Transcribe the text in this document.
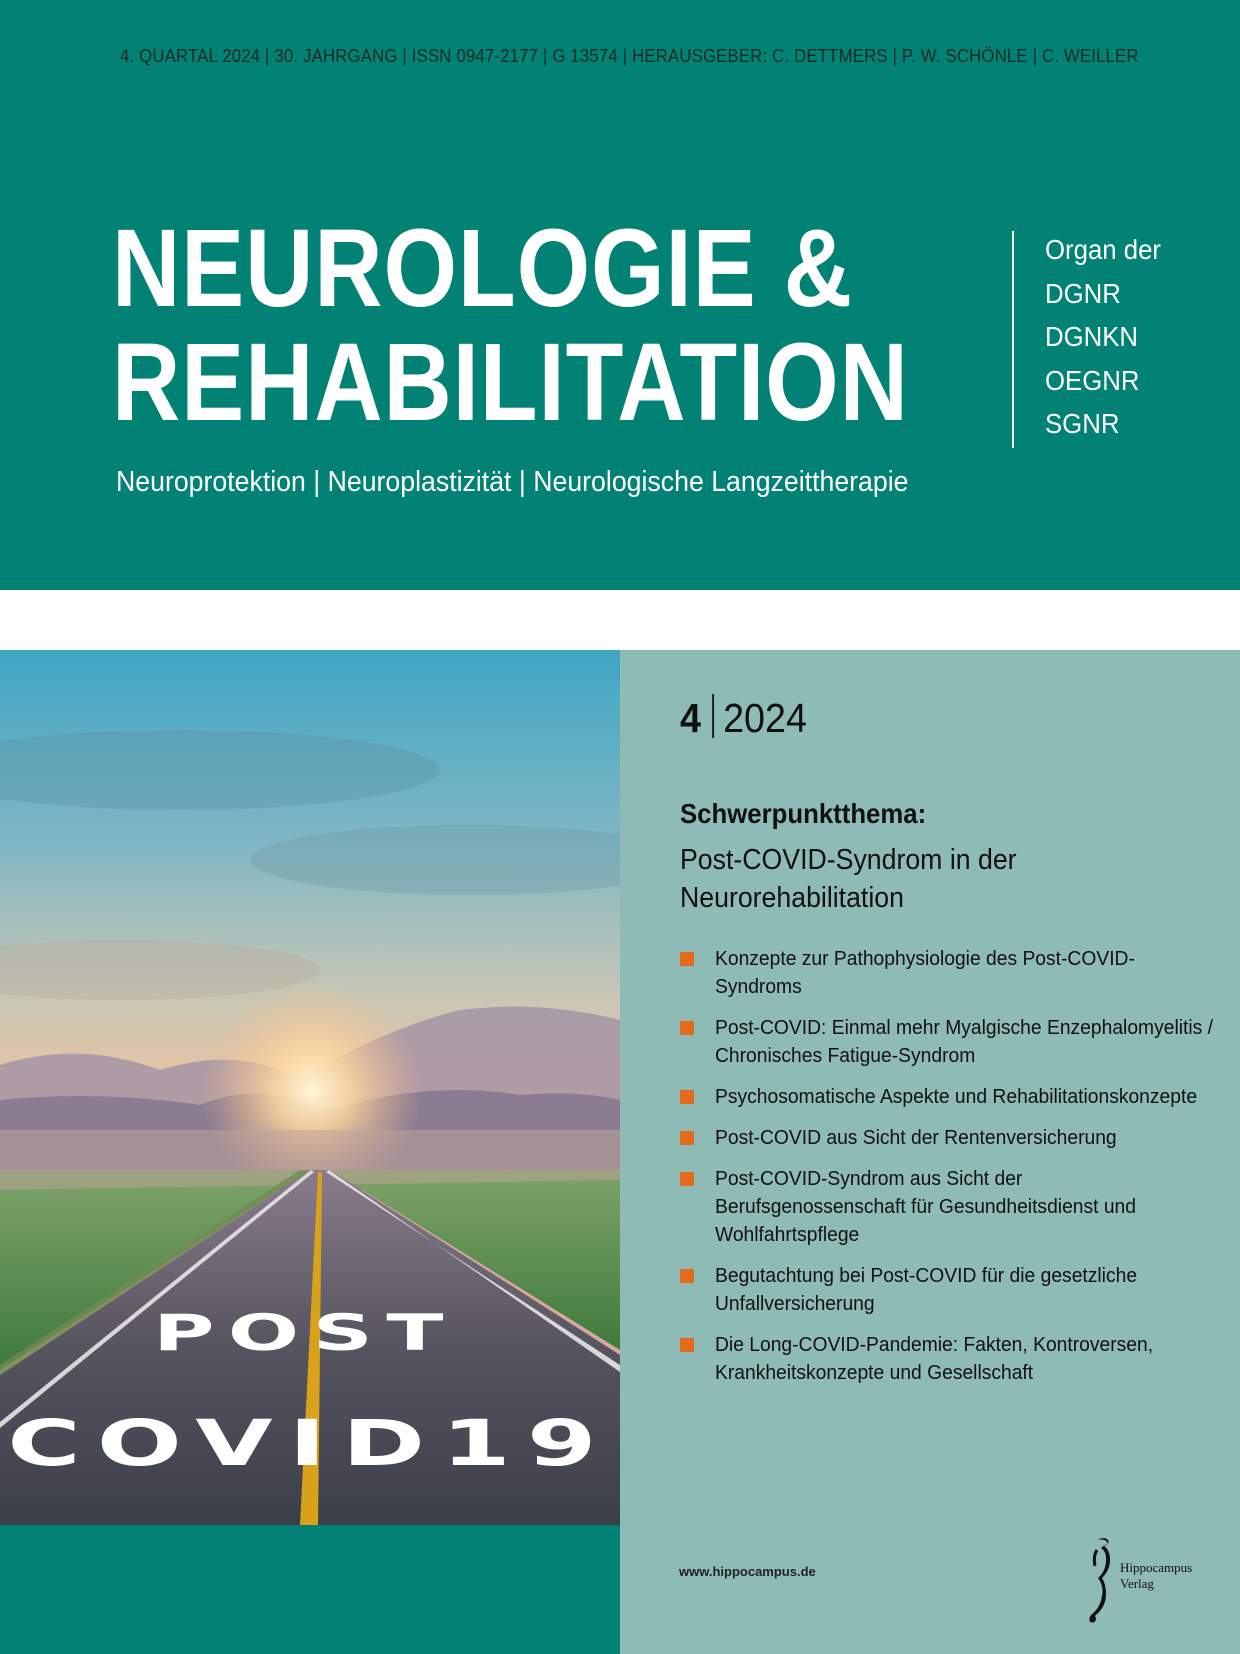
4. QUARTAL 2024 | 30. JAHRGANG | ISSN 0947-2177 | G 13574 | HERAUSGEBER: C. DETTMERS | P. W. SCHÖNLE | C. WEILLER
NEUROLOGIE &
REHABILITATION
Neuroprotektion | Neuroplastizität | Neurologische Langzeittherapie
Organ der
DGNR
DGNKN
OEGNR
SGNR
POST
COVID19
4 2024
Schwerpunktthema:
Post-COVID-Syndrom in der Neurorehabilitation
Konzepte zur Pathophysiologie des Post-COVID-Syndroms
Post-COVID: Einmal mehr Myalgische Enzephalomyelitis / Chronisches Fatigue-Syndrom
Psychosomatische Aspekte und Rehabilitationskonzepte
Post-COVID aus Sicht der Rentenversicherung
Post-COVID-Syndrom aus Sicht der Berufsgenossenschaft für Gesundheitsdienst und Wohlfahrtspflege
Begutachtung bei Post-COVID für die gesetzliche Unfallversicherung
Die Long-COVID-Pandemie: Fakten, Kontroversen, Krankheitskonzepte und Gesellschaft
www.hippocampus.de	Hippocampus
Verlag
